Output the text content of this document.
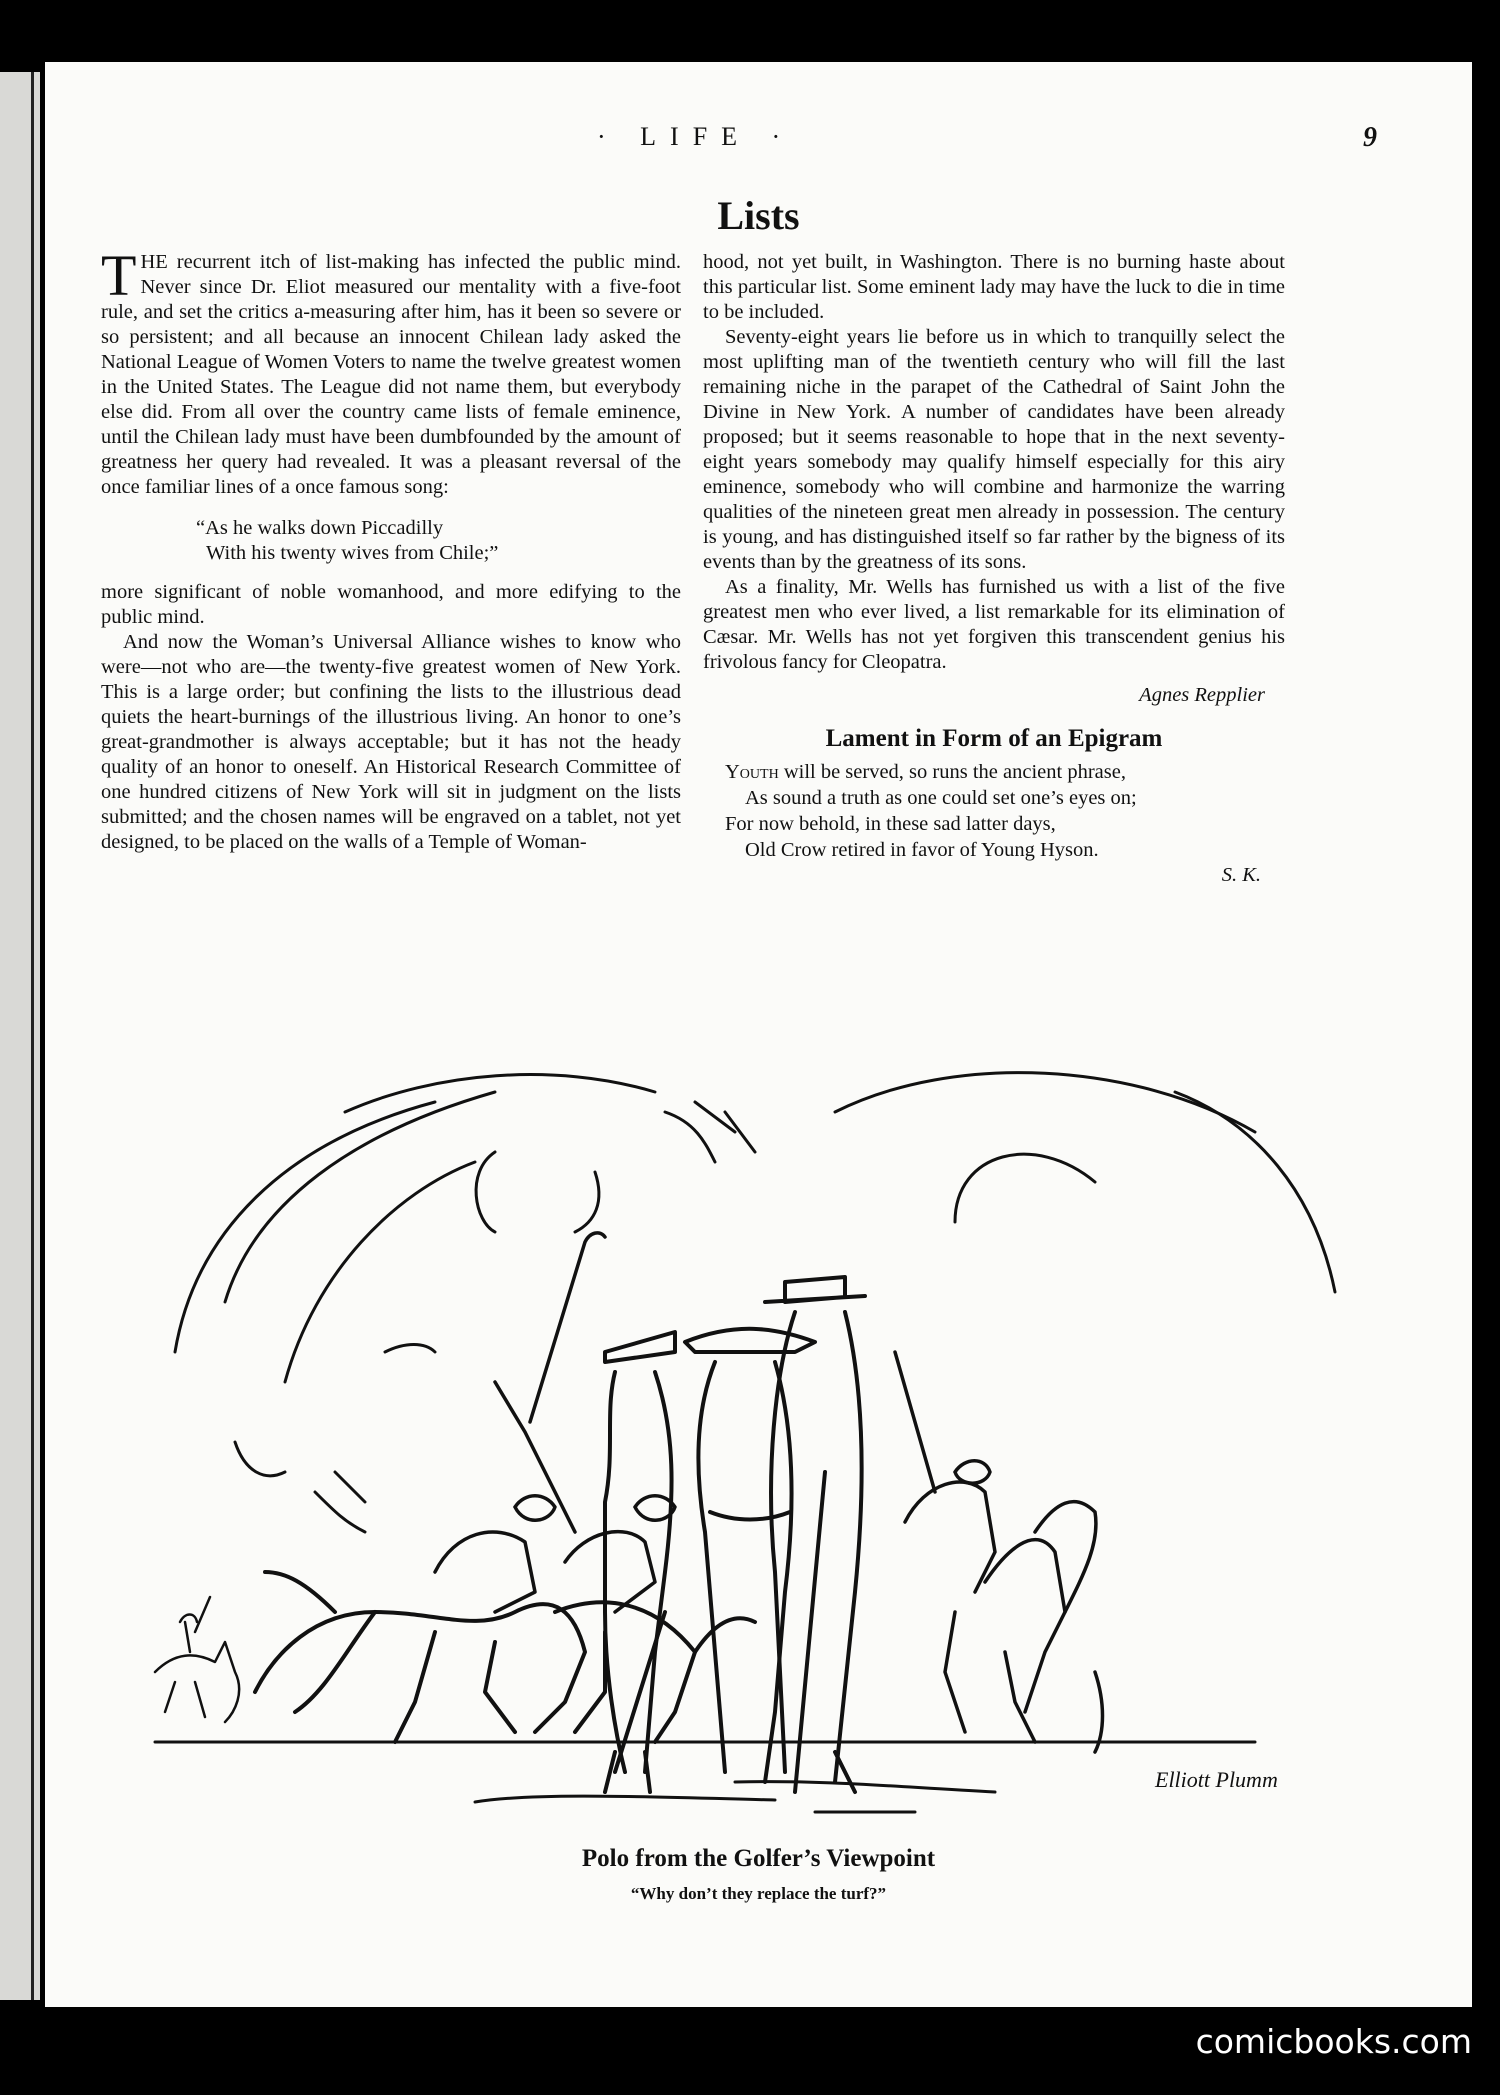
· LIFE ·	9
Lists

THE recurrent itch of list-making has infected the public mind. Never since Dr. Eliot measured our mentality with a five-foot rule, and set the critics a-measuring after him, has it been so severe or so persistent; and all because an innocent Chilean lady asked the National League of Women Voters to name the twelve greatest women in the United States. The League did not name them, but everybody else did. From all over the country came lists of female eminence, until the Chilean lady must have been dumbfounded by the amount of greatness her query had revealed. It was a pleasant reversal of the once familiar lines of a once famous song:

“As he walks down Piccadilly
With his twenty wives from Chile;”

more significant of noble womanhood, and more edifying to the public mind.

And now the Woman’s Universal Alliance wishes to know who were—not who are—the twenty-five greatest women of New York. This is a large order; but confining the lists to the illustrious dead quiets the heart-burnings of the illustrious living. An honor to one’s great-grandmother is always acceptable; but it has not the heady quality of an honor to oneself. An Historical Research Committee of one hundred citizens of New York will sit in judgment on the lists submitted; and the chosen names will be engraved on a tablet, not yet designed, to be placed on the walls of a Temple of Woman-

hood, not yet built, in Washington. There is no burning haste about this particular list. Some eminent lady may have the luck to die in time to be included.

Seventy-eight years lie before us in which to tranquilly select the most uplifting man of the twentieth century who will fill the last remaining niche in the parapet of the Cathedral of Saint John the Divine in New York. A number of candidates have been already proposed; but it seems reasonable to hope that in the next seventy-eight years somebody may qualify himself especially for this airy eminence, somebody who will combine and harmonize the warring qualities of the nineteen great men already in possession. The century is young, and has distinguished itself so far rather by the bigness of its events than by the greatness of its sons.

As a finality, Mr. Wells has furnished us with a list of the five greatest men who ever lived, a list remarkable for its elimination of Cæsar. Mr. Wells has not yet forgiven this transcendent genius his frivolous fancy for Cleopatra.

Agnes Repplier
Lament in Form of an Epigram
Youth will be served, so runs the ancient phrase,
As sound a truth as one could set one’s eyes on;
For now behold, in these sad latter days,
Old Crow retired in favor of Young Hyson.
S. K.
Elliott Plumm
Polo from the Golfer’s Viewpoint
“Why don’t they replace the turf?”
comicbooks.com
